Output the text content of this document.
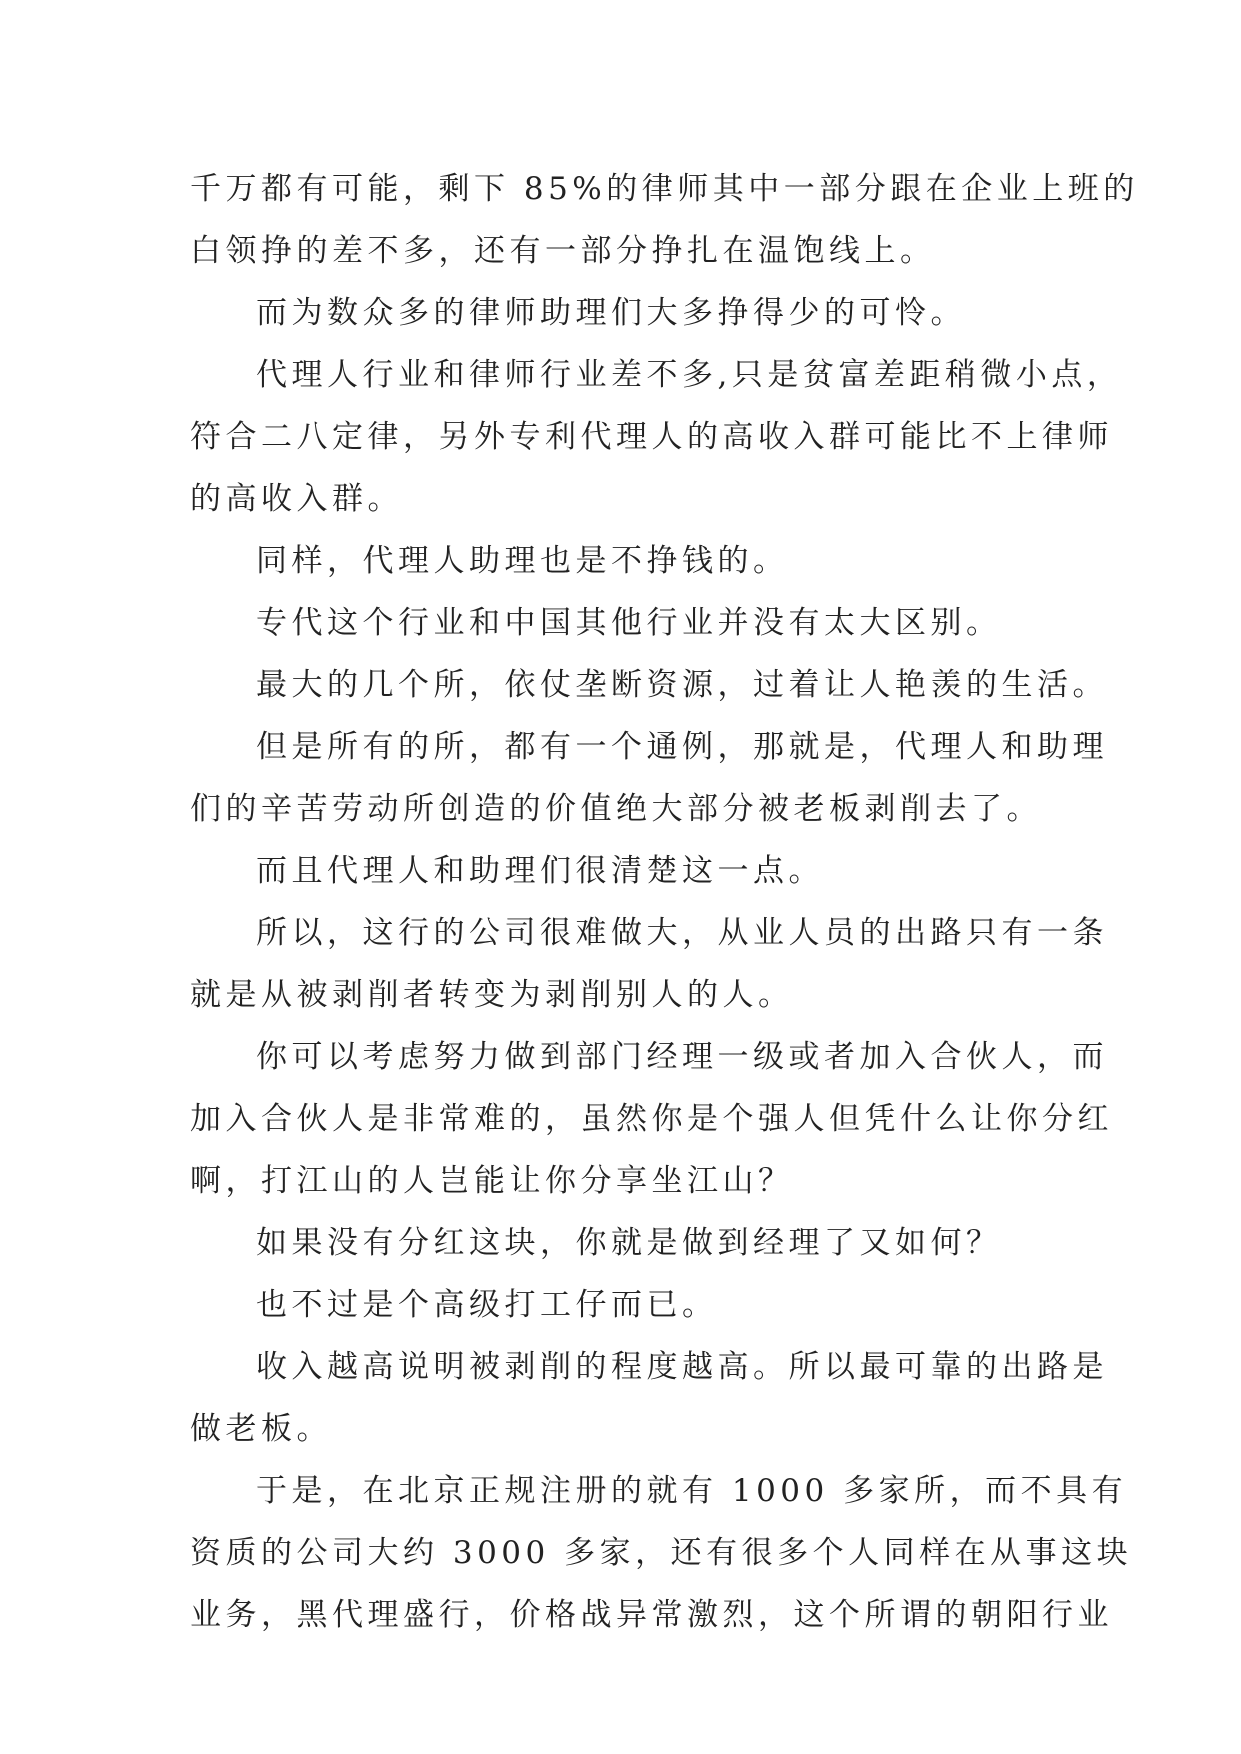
千万都有可能，剩下 85%的律师其中一部分跟在企业上班的
白领挣的差不多，还有一部分挣扎在温饱线上。
而为数众多的律师助理们大多挣得少的可怜。
代理人行业和律师行业差不多,只是贫富差距稍微小点，
符合二八定律，另外专利代理人的高收入群可能比不上律师
的高收入群。
同样，代理人助理也是不挣钱的。
专代这个行业和中国其他行业并没有太大区别。
最大的几个所，依仗垄断资源，过着让人艳羡的生活。
但是所有的所，都有一个通例，那就是，代理人和助理
们的辛苦劳动所创造的价值绝大部分被老板剥削去了。
而且代理人和助理们很清楚这一点。
所以，这行的公司很难做大，从业人员的出路只有一条
就是从被剥削者转变为剥削别人的人。
你可以考虑努力做到部门经理一级或者加入合伙人，而
加入合伙人是非常难的，虽然你是个强人但凭什么让你分红
啊，打江山的人岂能让你分享坐江山？
如果没有分红这块，你就是做到经理了又如何？
也不过是个高级打工仔而已。
收入越高说明被剥削的程度越高。所以最可靠的出路是
做老板。
于是，在北京正规注册的就有 1000 多家所，而不具有
资质的公司大约 3000 多家，还有很多个人同样在从事这块
业务，黑代理盛行，价格战异常激烈，这个所谓的朝阳行业
